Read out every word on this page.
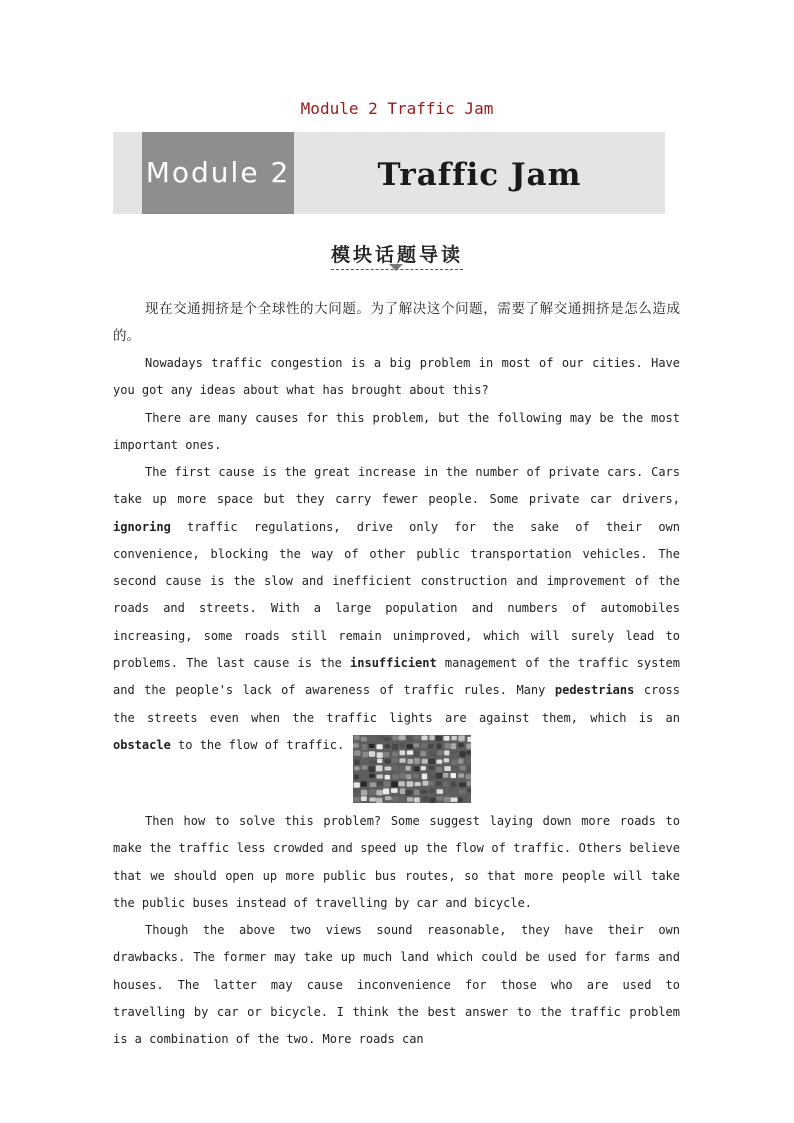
Module 2 Traffic Jam
Module 2	Traffic Jam
模块话题导读

现在交通拥挤是个全球性的大问题。为了解决这个问题，需要了解交通拥挤是怎么造成的。

Nowadays traffic congestion is a big problem in most of our cities. Have you got any ideas about what has brought about this?

There are many causes for this problem, but the following may be the most important ones.

The first cause is the great increase in the number of private cars. Cars take up more space but they carry fewer people. Some private car drivers, ignoring traffic regulations, drive only for the sake of their own convenience, blocking the way of other public transportation vehicles. The second cause is the slow and inefficient construction and improvement of the roads and streets. With a large population and numbers of automobiles increasing, some roads still remain unimproved, which will surely lead to problems. The last cause is the insufficient management of the traffic system and the people's lack of awareness of traffic rules. Many pedestrians cross the streets even when the traffic lights are against them, which is an obstacle to the flow of traffic.

Then how to solve this problem? Some suggest laying down more roads to make the traffic less crowded and speed up the flow of traffic. Others believe that we should open up more public bus routes, so that more people will take the public buses instead of travelling by car and bicycle.

Though the above two views sound reasonable, they have their own drawbacks. The former may take up much land which could be used for farms and houses. The latter may cause inconvenience for those who are used to travelling by car or bicycle. I think the best answer to the traffic problem is a combination of the two. More roads can
